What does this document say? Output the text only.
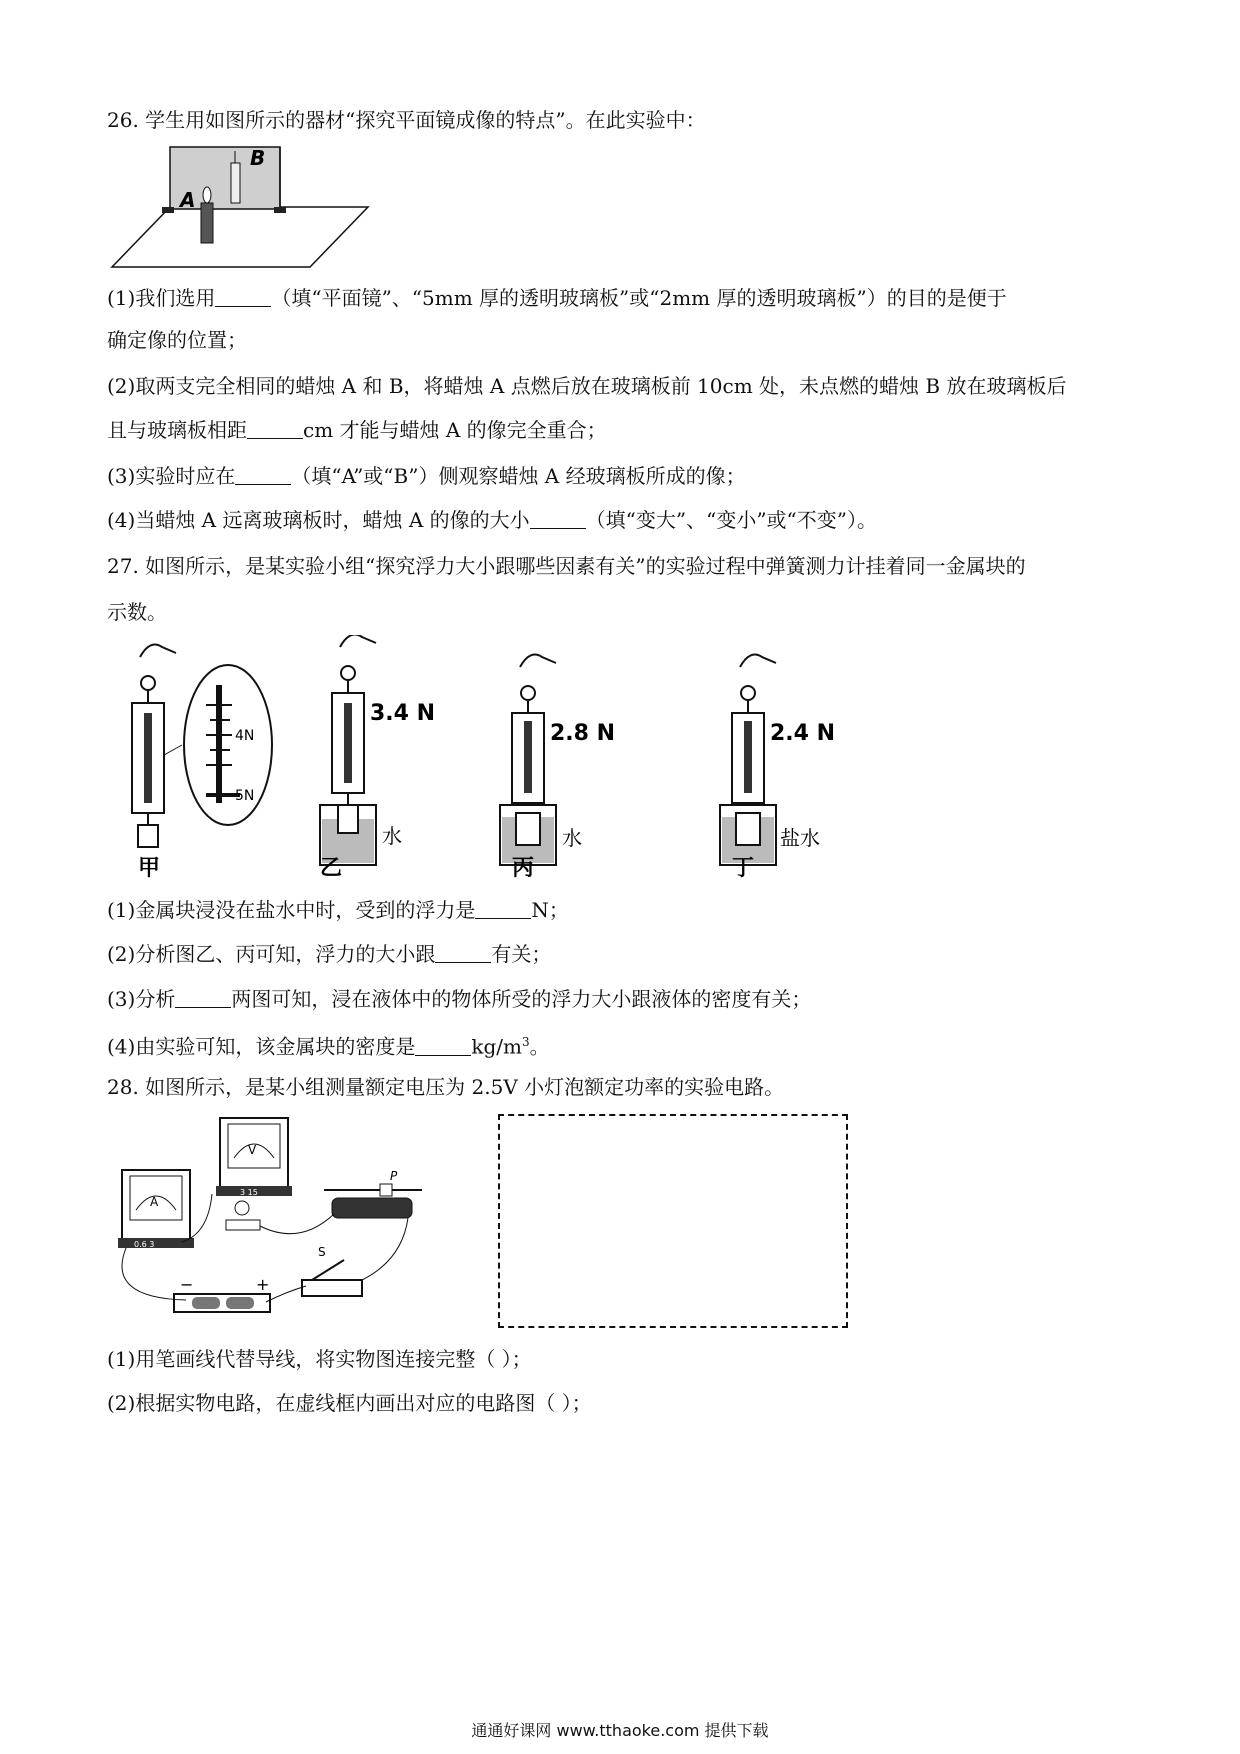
26. 学生用如图所示的器材“探究平面镜成像的特点”。在此实验中：
B
A
(1)我们选用	（填“平面镜”、“5mm 厚的透明玻璃板”或“2mm 厚的透明玻璃板”）的目的是便于
确定像的位置；
(2)取两支完全相同的蜡烛 A 和 B，将蜡烛 A 点燃后放在玻璃板前 10cm 处，未点燃的蜡烛 B 放在玻璃板后
且与玻璃板相距	cm 才能与蜡烛 A 的像完全重合；
(3)实验时应在	（填“A”或“B”）侧观察蜡烛 A 经玻璃板所成的像；
(4)当蜡烛 A 远离玻璃板时，蜡烛 A 的像的大小	（填“变大”、“变小”或“不变”）。
27. 如图所示，是某实验小组“探究浮力大小跟哪些因素有关”的实验过程中弹簧测力计挂着同一金属块的
示数。
4N
5N
3.4 N
水
2.8 N
水
2.4 N
盐水
甲	乙	丙	丁
(1)金属块浸没在盐水中时，受到的浮力是	N；
(2)分析图乙、丙可知，浮力的大小跟	有关；
(3)分析	两图可知，浸在液体中的物体所受的浮力大小跟液体的密度有关；
(4)由实验可知，该金属块的密度是	$kg/m^3$。
28. 如图所示，是某小组测量额定电压为 2.5V 小灯泡额定功率的实验电路。
A
0.6 3
V
3 15
P
S
−	+
(1)用笔画线代替导线，将实物图连接完整（ ）；
(2)根据实物电路，在虚线框内画出对应的电路图（ ）；
通通好课网 www.tthaoke.com 提供下载
